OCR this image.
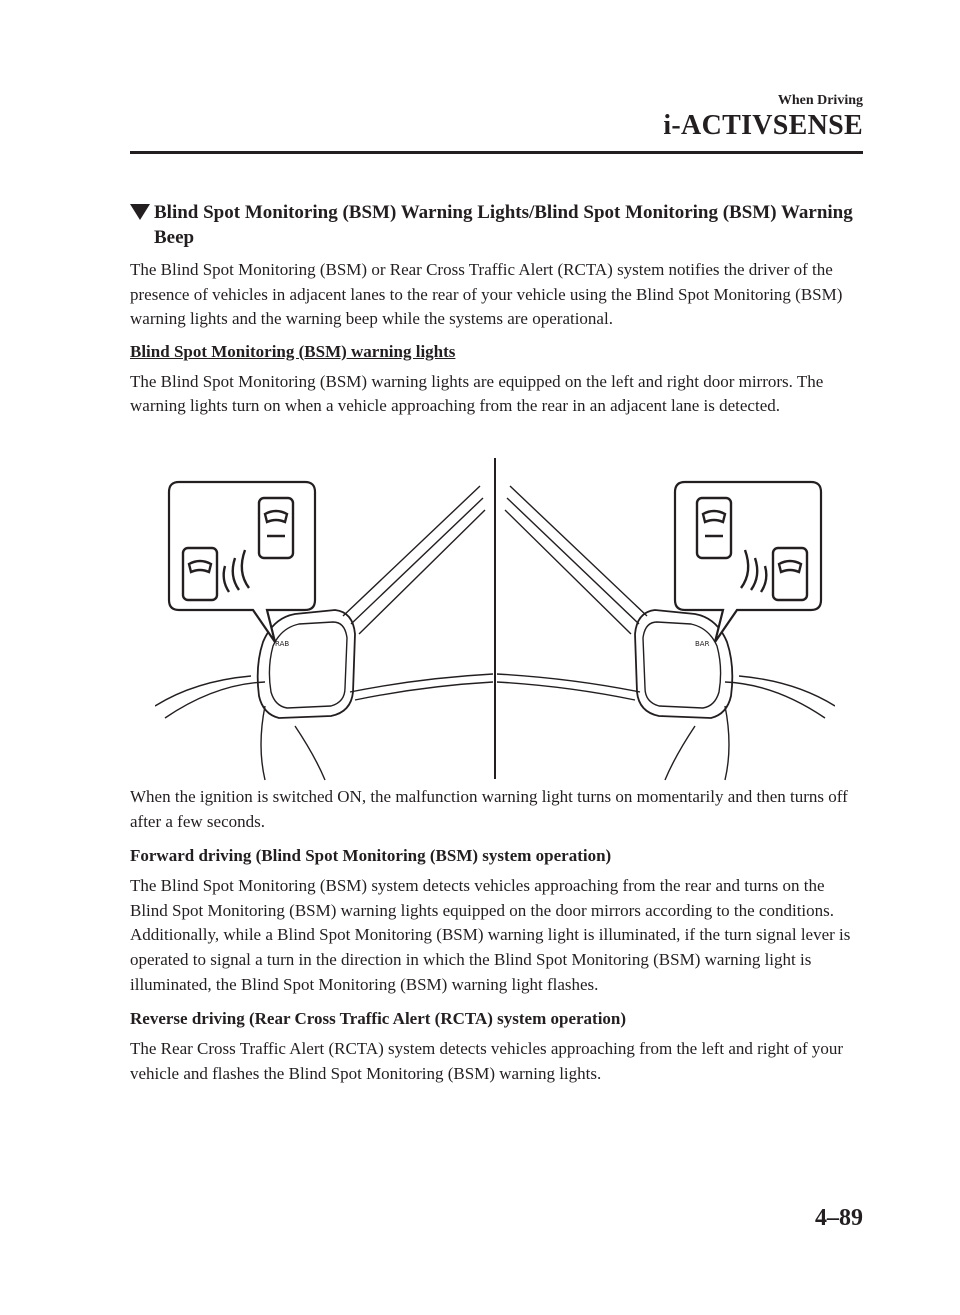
When Driving
i-ACTIVSENSE
Blind Spot Monitoring (BSM) Warning Lights/Blind Spot Monitoring (BSM) Warning Beep

The Blind Spot Monitoring (BSM) or Rear Cross Traffic Alert (RCTA) system notifies the driver of the presence of vehicles in adjacent lanes to the rear of your vehicle using the Blind Spot Monitoring (BSM) warning lights and the warning beep while the systems are operational.

Blind Spot Monitoring (BSM) warning lights

The Blind Spot Monitoring (BSM) warning lights are equipped on the left and right door mirrors. The warning lights turn on when a vehicle approaching from the rear in an adjacent lane is detected.

RAB	BAR

When the ignition is switched ON, the malfunction warning light turns on momentarily and then turns off after a few seconds.

Forward driving (Blind Spot Monitoring (BSM) system operation)

The Blind Spot Monitoring (BSM) system detects vehicles approaching from the rear and turns on the Blind Spot Monitoring (BSM) warning lights equipped on the door mirrors according to the conditions. Additionally, while a Blind Spot Monitoring (BSM) warning light is illuminated, if the turn signal lever is operated to signal a turn in the direction in which the Blind Spot Monitoring (BSM) warning light is illuminated, the Blind Spot Monitoring (BSM) warning light flashes.

Reverse driving (Rear Cross Traffic Alert (RCTA) system operation)

The Rear Cross Traffic Alert (RCTA) system detects vehicles approaching from the left and right of your vehicle and flashes the Blind Spot Monitoring (BSM) warning lights.

4–89
